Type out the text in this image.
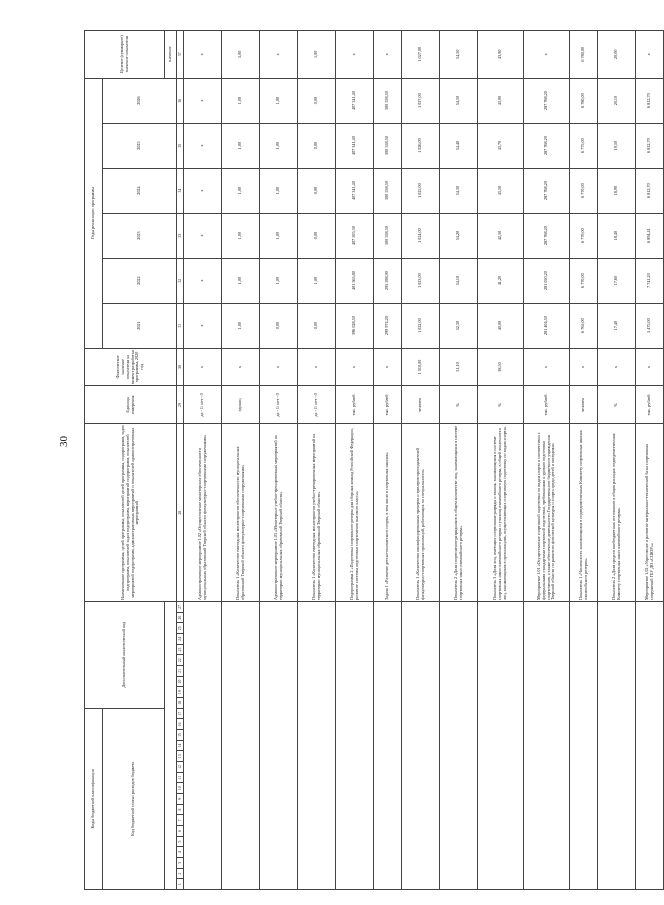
30
Коды бюджетной классификации																	Дополнительный аналитический код										Наименование программы, целей программы, показателей целей программы, подпрограмм, задач подпрограмм, показателей задач подпрограмм, мероприятий подпрограмм, показателей мероприятий подпрограмм, административных мероприятий и показателей административных мероприятий	Единица измерения	Фактическое значение показателя на момент разработки программы, 2020 год	Годы реализации программы						Целевое (суммарное) значение показателя
Код бюджетной статьи расходов бюджета																														2021	2022	2023	2024	2025	2026	
																																				значение
1	2	3	4	5	6	7	8	9	10	11	12	13	14	15	16	17	18	19	20	21	22	23	24	25	26	27	28	29	30	31	32	33	34	35	36	37
																											Административное мероприятие 1.02 «Осуществление мониторинга обеспеченности муниципальных образований Тверской области физкультурно-спортивными сооружениями»	да - 1/ нет - 0	х	х	х	х	х	х	х	х
																											Показатель 1 «Количество ежегодных мониторингов обеспеченности муниципальных образований Тверской области физкультурно-спортивными сооружениями»	единиц	х	1,00	1,00	1,00	1,00	1,00	1,00	5,00
																											Административное мероприятие 1.03 «Мониторинг учебно-тренировочных мероприятий на территории муниципальных образований Тверской области»	да - 1/ нет - 0	х	0,00	1,00	1,00	1,00	1,00	1,00	х
																											Показатель 1 «Количество ежегодных мониторингов учебно-тренировочных мероприятий на территории муниципальных образований Тверской области»	да - 1/ нет - 0	х	0,00	1,00	0,00	0,00	0,00	0,00	1,00
																											Подпрограмма 2 «Подготовка спортивного резерва для сборных команд Российской Федерации, развитие системы подготовки спортсменов высокого класса»	тыс. рублей	х	396 028,50	401 565,80	407 505,30	407 341,40	407 341,40	407 341,40	х
																											Задача 1 «Развитие детско-юношеского спорта, в том числе в спортивных школах»	тыс. рублей	х	299 974,20	295 598,90	300 558,50	300 558,50	300 558,50	300 558,50	х
																											Показатель 1 «Количество квалифицированных тренеров и тренеров-преподавателей физкультурно-спортивных организаций, работающих по специальности»	человек	1 010,00	1 022,00	1 023,00	1 024,00	1 025,00	1 026,00	1 027,00	1 027,00
																											Показатель 2 «Доля спортсменов-разрядников в общем количестве лиц, занимающихся в системе спортивных школ олимпийского резерва»	%	51,10	52,30	54,10	54,20	54,30	54,40	54,50	54,50
																											Показатель 3 «Доля лиц, имеющих спортивные разряды и звания, занимающихся в системе спортивных школ олимпийского резерва и училищ олимпийского резерва, в общей численности лиц, занимающихся в организациях, осуществляющих спортивную подготовку по видам спорта»	%	38,50	40,00	41,20	42,30	43,50	43,70	43,90	43,90
																											Мероприятие 1.01 «Осуществление спортивной подготовки по видам спорта в соответствии с федеральными стандартами спортивной подготовки, требованиями к уровню подготовки спортсменов, а также обеспечение деятельности Государственного бюджетного учреждения Тверской области по развитию физической культуры и спорта среди детей и молодежи»	тыс. рублей	х	281 404,50	281 050,20	287 768,20	287 768,20	287 768,20	287 768,20	х
																											Показатель 1 «Численность занимающихся в подведомственных Комитету спортивных школах олимпийского резерва»	человек	х	6 765,00	6 770,00	6 770,00	6 770,00	6 775,00	6 780,00	6 780,00
																											Показатель 2 «Доля средств внебюджетных источников в общих расходах подведомственных Комитету спортивных школ олимпийского резерва»	%	х	17,40	17,60	18,40	18,90	19,50	20,10	20,00
																											Мероприятие 1.02 «Укрепление и развитие материально-технической базы спортивных сооружений ГБУ ДО «СШОР»»	тыс. рублей	х	5 475,00	7 741,20	6 894,41	6 812,70	6 812,70	6 812,70	х
